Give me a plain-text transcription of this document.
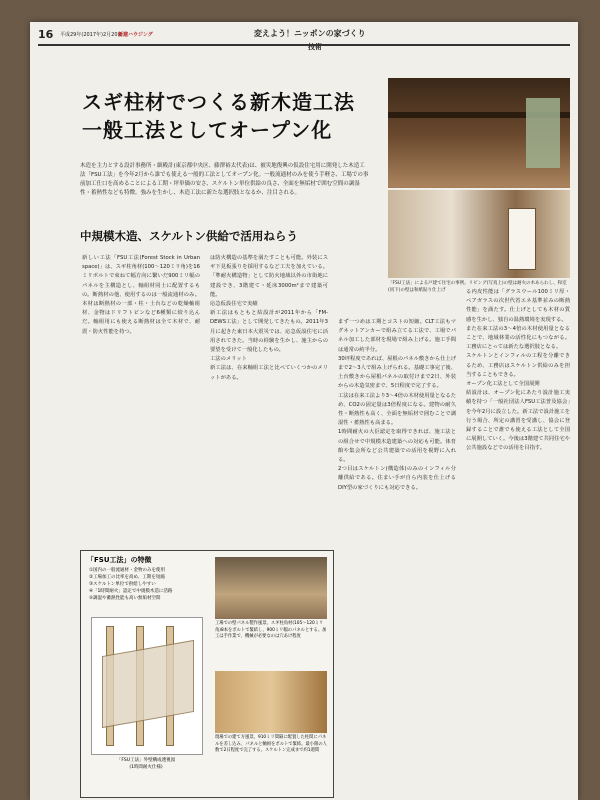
16 平成29年(2017年)2月20日
新建ハウジング	変えよう！ニッポンの家づくり
技術
スギ柱材でつくる新木造工法
一般工法としてオープン化
「FSU工法」による戸建て住宅の事例。リビング(写真上)の壁は耐火の木あらわし、和室(同下)の壁は和紙貼り仕上げ
木造を主力とする設計事務所・細殿計(東京都中央区、藤澤裕太代表)は、被災地復興の仮設住宅用に開発した木造工法「FSU工法」を今年2月から誰でも使える一般的工法としてオープン化。一般流通材のみを使う手軽さ、工場での事前加工仕口を高めることによる工期・坪単価の安さ、スケルトン単位供給の良さ、全面を無垢材で囲む空間の調湿性・蓄熱性なども特徴。強みを生かし、木造工法に新たな選択肢となるか、注目される。
中規模木造、スケルトン供給で活用ねらう
新しい工法「FSU工法(Forest Stock in Urban space)」は、スギ柱角材(100〜120ミリ角)を16ミリボルトで束ねて幅方向に繋いだ900ミリ幅のパネルを主構造とし、軸組材同士に配置するもの。断熱材の他、使用するのは一般流通材のみ。本材は断熱材の一部・柱・土台などの乾燥軸組材、金物はドリフトピンなど6種類に絞り込んだ。軸組用にも使える断熱材は全て木材で、耐震・防火性能を持つ。
は防火構造の基準を満たすことも可能。外装にスギ下見板張りを採用するなど工夫を加えている。「準耐火構造物」として防火地域以外の市街地に建設でき、3階建て・延床3000m²まで建築可能。
応急仮設住宅で実績
新工法はもともと結設計が2011年から「FM-DEWS工法」として開発してきたもの。2011年3月に起きた東日本大震災では、応急仮設住宅に活用されてきた。当時の経験を生かし、施主からの要望を受けて一般化したもの。
工法のメリット
新工法は、在来軸組工法と比べていくつかのメリットがある。
まず一つめは工期とコストの短縮。CLT工法もマグネットアンカーで組み立てる工法で、工場でパネル加工した部材を現場で組み上げる。施工手間は通常の約半分。
30坪程度であれば、屋根のパネル敷きから仕上げまで2〜3人で組み上げられる。基礎工事完了後、土台敷きから屋根パネルの取付けまで2日、外装からの木造気密まで、5日程度で完了する。
工法は在来工法より3〜4倍の木材使用量となるため、CO2の固定量は3倍程度になる。建物の耐久性・断熱性も高く、全面を無垢材で囲むことで調湿性・蓄熱性も高まる。
1時間耐火の大臣認定を取得できれば、施工法との組合せで中規模木造建築への対応も可能。体育館や集会所など公共建築での活用を視野に入れる。
2つ目はスケルトン(構造体)のみのインフィル分離供給である。住まい手が自ら内装を仕上げるDIY型の家づくりにも対応できる。
る内皮性能は「グラスウール100ミリ厚・ペアガラスの次世代省エネ基準並みの断熱性能」を満たす。仕上げとしても木材の質感を生かし、独自の温熱環境を実現する。
また在来工法の3〜4倍の木材使用量となることで、地域林業の活性化にもつながる。工務店にとっては新たな選択肢となる。
スケルトンとインフィルの工程を分離できるため、工務店はスケルトン供給のみを担当することもできる。
オープン化工法として全国展開
結設計は、オープン化にあたり設計施工実績を持つ「一般社団法人FSU工法普及協会」を今年2月に設立した。新工法で設計施工を行う場合、所定の講習を受講し、協会に登録することで誰でも使える工法として全国に展開していく。今後は3階建て共同住宅や公共施設などでの活用を目指す。
「FSU工法」の特徴
①国内の一般流通材・金物のみを使用
②工場加工の比率を高め、工期を短縮
③スケルトン単位で供給しやすい
④「1時間耐火」認定で中規模木造に活路
⑤調湿や蓄熱性能も高い無垢材空間
「FSU工法」外壁構成透視図
(1時間耐火仕様)
工場での壁パネル製作風景。スギ柱角材(105〜120ミリ角)8本をボルトで緊結し、900ミリ幅のパネルとする。加工は手作業で、機械が必要なのは穴あけ程度
現場での建て方風景。910ミリ間隔に配置した柱間にパネルを差し込み、パネルと軸組をボルトで緊結。最小限の人数で2日程度で完了する。スケルトン完成まで約1週間
